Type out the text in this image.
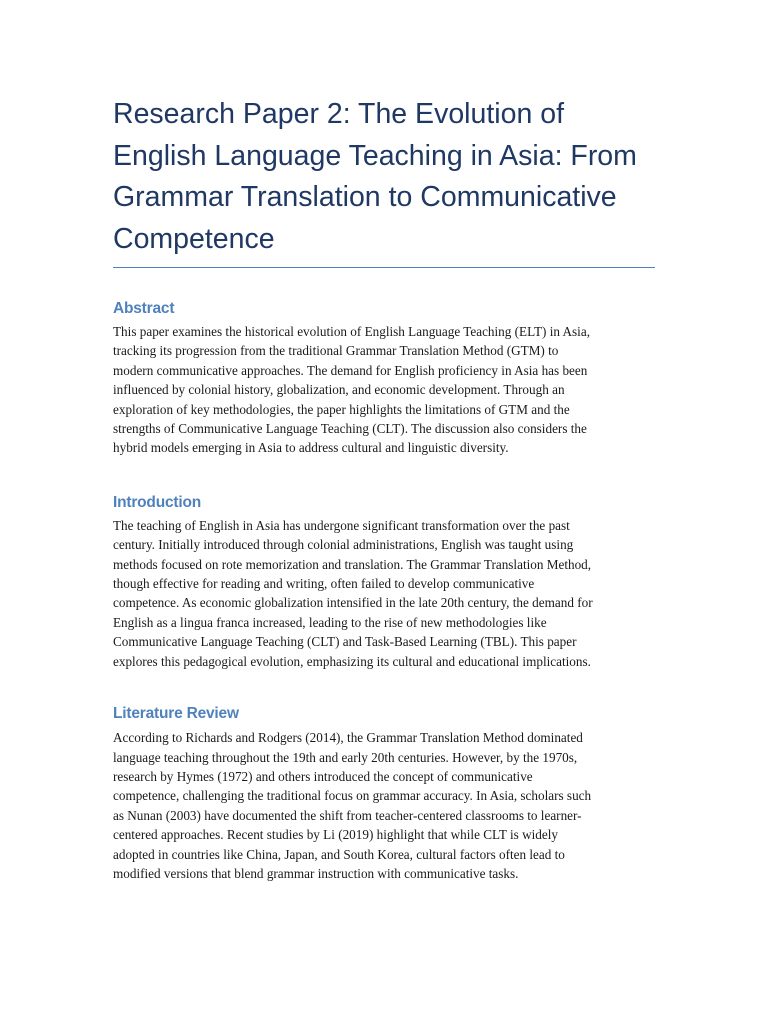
Research Paper 2: The Evolution of English Language Teaching in Asia: From Grammar Translation to Communicative Competence
Abstract

This paper examines the historical evolution of English Language Teaching (ELT) in Asia,
tracking its progression from the traditional Grammar Translation Method (GTM) to
modern communicative approaches. The demand for English proficiency in Asia has been
influenced by colonial history, globalization, and economic development. Through an
exploration of key methodologies, the paper highlights the limitations of GTM and the
strengths of Communicative Language Teaching (CLT). The discussion also considers the
hybrid models emerging in Asia to address cultural and linguistic diversity.

Introduction

The teaching of English in Asia has undergone significant transformation over the past
century. Initially introduced through colonial administrations, English was taught using
methods focused on rote memorization and translation. The Grammar Translation Method,
though effective for reading and writing, often failed to develop communicative
competence. As economic globalization intensified in the late 20th century, the demand for
English as a lingua franca increased, leading to the rise of new methodologies like
Communicative Language Teaching (CLT) and Task-Based Learning (TBL). This paper
explores this pedagogical evolution, emphasizing its cultural and educational implications.

Literature Review

According to Richards and Rodgers (2014), the Grammar Translation Method dominated
language teaching throughout the 19th and early 20th centuries. However, by the 1970s,
research by Hymes (1972) and others introduced the concept of communicative
competence, challenging the traditional focus on grammar accuracy. In Asia, scholars such
as Nunan (2003) have documented the shift from teacher-centered classrooms to learner-
centered approaches. Recent studies by Li (2019) highlight that while CLT is widely
adopted in countries like China, Japan, and South Korea, cultural factors often lead to
modified versions that blend grammar instruction with communicative tasks.
